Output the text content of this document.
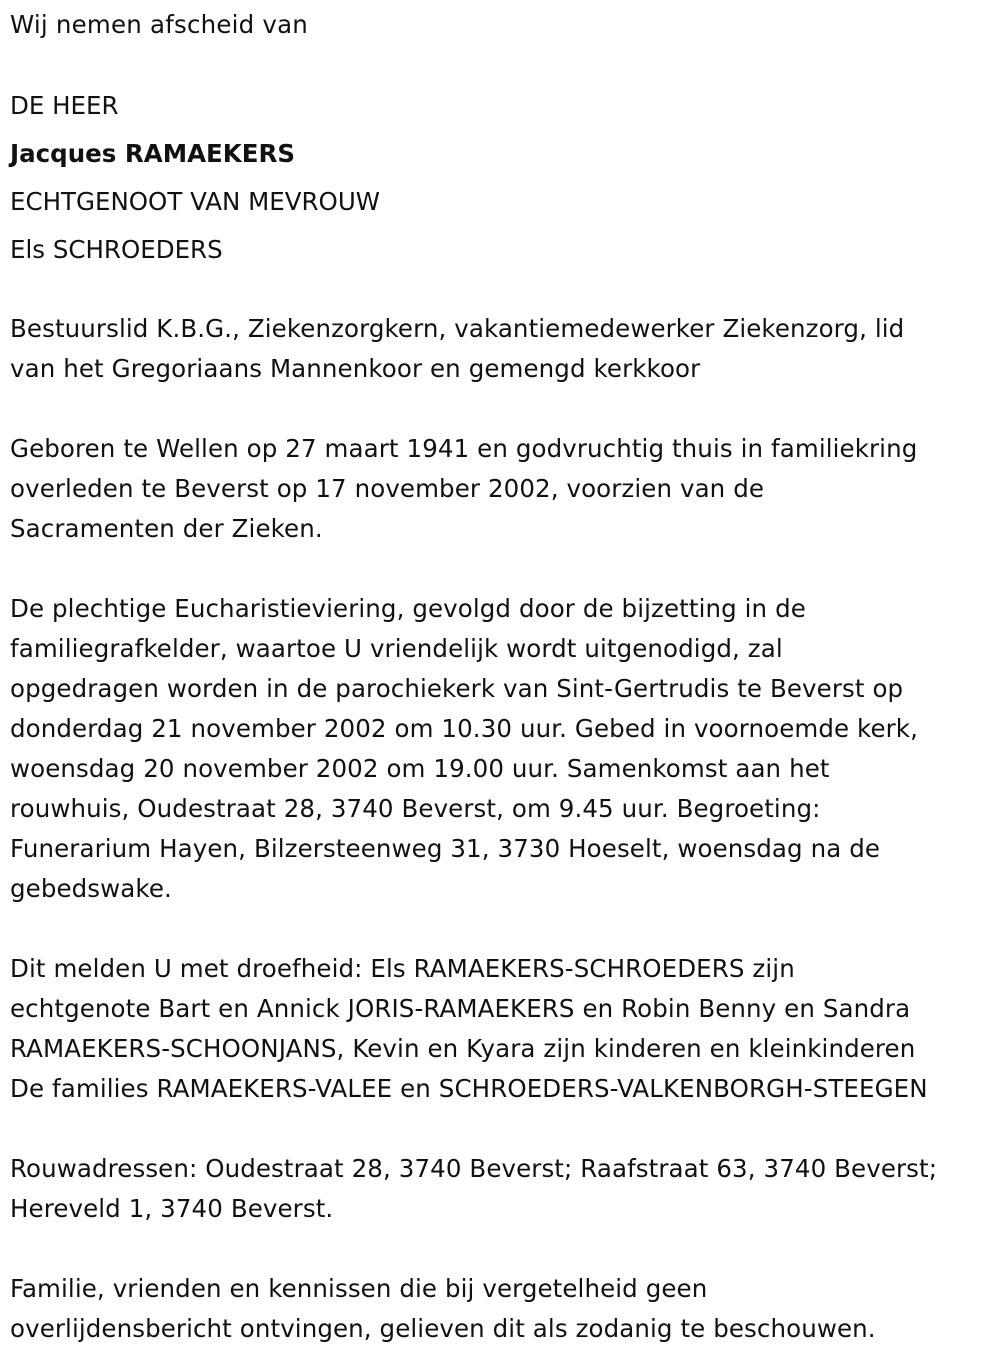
Wij nemen afscheid van

DE HEER

Jacques RAMAEKERS

ECHTGENOOT VAN MEVROUW

Els SCHROEDERS

Bestuurslid K.B.G., Ziekenzorgkern, vakantiemedewerker Ziekenzorg, lid
van het Gregoriaans Mannenkoor en gemengd kerkkoor
Geboren te Wellen op 27 maart 1941 en godvruchtig thuis in familiekring
overleden te Beverst op 17 november 2002, voorzien van de
Sacramenten der Zieken.
De plechtige Eucharistieviering, gevolgd door de bijzetting in de
familiegrafkelder, waartoe U vriendelijk wordt uitgenodigd, zal
opgedragen worden in de parochiekerk van Sint-Gertrudis te Beverst op
donderdag 21 november 2002 om 10.30 uur. Gebed in voornoemde kerk,
woensdag 20 november 2002 om 19.00 uur. Samenkomst aan het
rouwhuis, Oudestraat 28, 3740 Beverst, om 9.45 uur. Begroeting:
Funerarium Hayen, Bilzersteenweg 31, 3730 Hoeselt, woensdag na de
gebedswake.
Dit melden U met droefheid: Els RAMAEKERS-SCHROEDERS zijn
echtgenote Bart en Annick JORIS-RAMAEKERS en Robin Benny en Sandra
RAMAEKERS-SCHOONJANS, Kevin en Kyara zijn kinderen en kleinkinderen
De families RAMAEKERS-VALEE en SCHROEDERS-VALKENBORGH-STEEGEN
Rouwadressen: Oudestraat 28, 3740 Beverst; Raafstraat 63, 3740 Beverst;
Hereveld 1, 3740 Beverst.
Familie, vrienden en kennissen die bij vergetelheid geen
overlijdensbericht ontvingen, gelieven dit als zodanig te beschouwen.
